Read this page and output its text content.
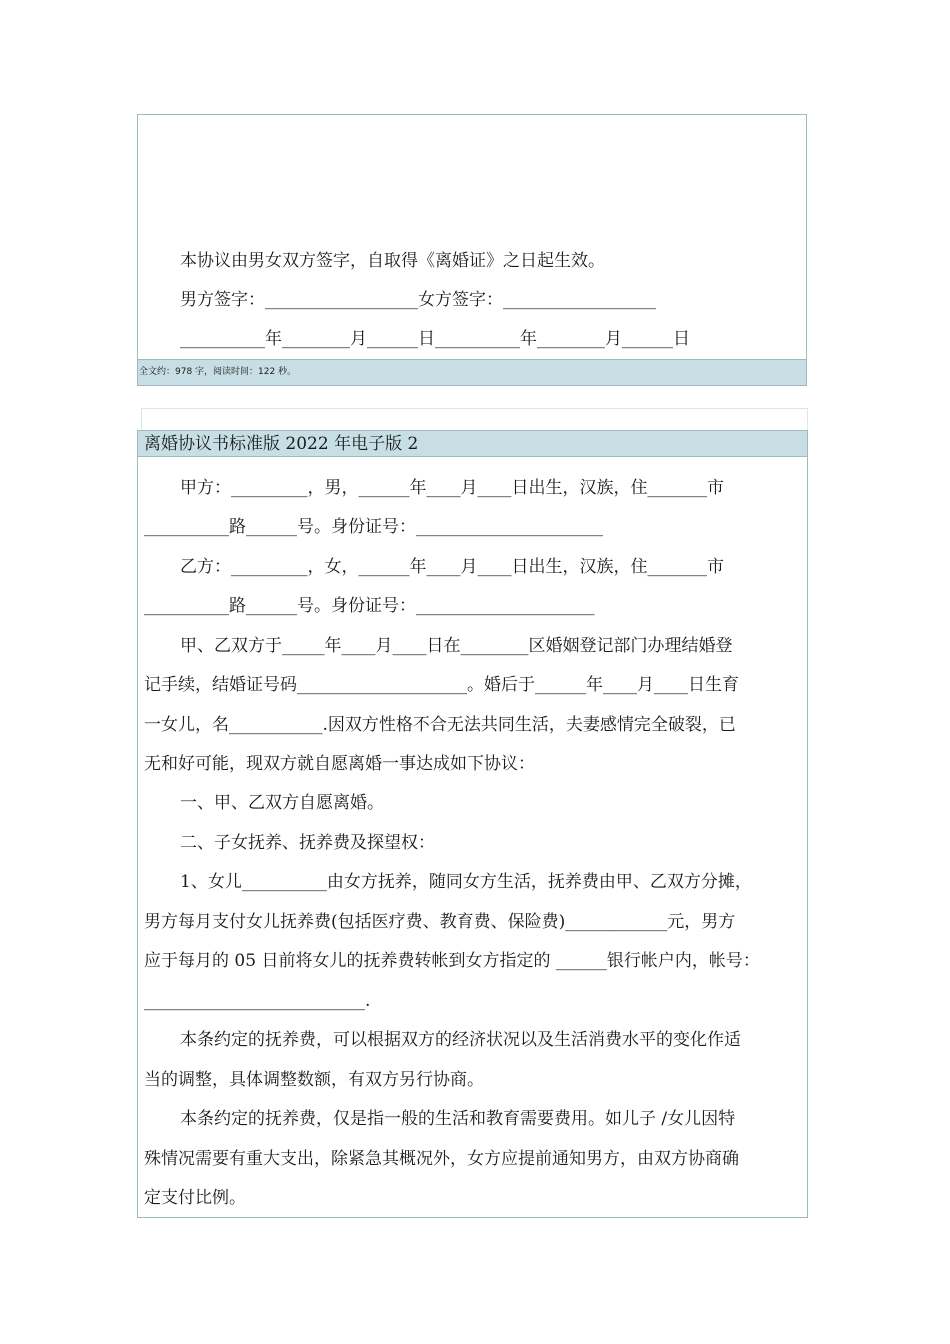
本协议由男女双方签字，自取得《离婚证》之日起生效。
男方签字：__________________女方签字：__________________
__________年________月______日__________年________月______日
全文约：978 字，阅读时间：122 秒。
离婚协议书标准版 2022 年电子版 2
甲方：_________，男，______年____月____日出生，汉族，住_______市
__________路______号。身份证号：______________________
乙方：_________，女，______年____月____日出生，汉族，住_______市
__________路______号。身份证号：_____________________
甲、乙双方于_____年____月____日在________区婚姻登记部门办理结婚登
记手续，结婚证号码____________________。婚后于______年____月____日生育
一女儿，名___________.因双方性格不合无法共同生活，夫妻感情完全破裂，已
无和好可能，现双方就自愿离婚一事达成如下协议：
一、甲、乙双方自愿离婚。
二、子女抚养、抚养费及探望权：
1、女儿__________由女方抚养，随同女方生活，抚养费由甲、乙双方分摊，
男方每月支付女儿抚养费(包括医疗费、教育费、保险费)____________元，男方
应于每月的 05 日前将女儿的抚养费转帐到女方指定的 ______银行帐户内，帐号：
__________________________.
本条约定的抚养费，可以根据双方的经济状况以及生活消费水平的变化作适
当的调整，具体调整数额，有双方另行协商。
本条约定的抚养费，仅是指一般的生活和教育需要费用。如儿子 /女儿因特
殊情况需要有重大支出，除紧急其概况外，女方应提前通知男方，由双方协商确
定支付比例。
